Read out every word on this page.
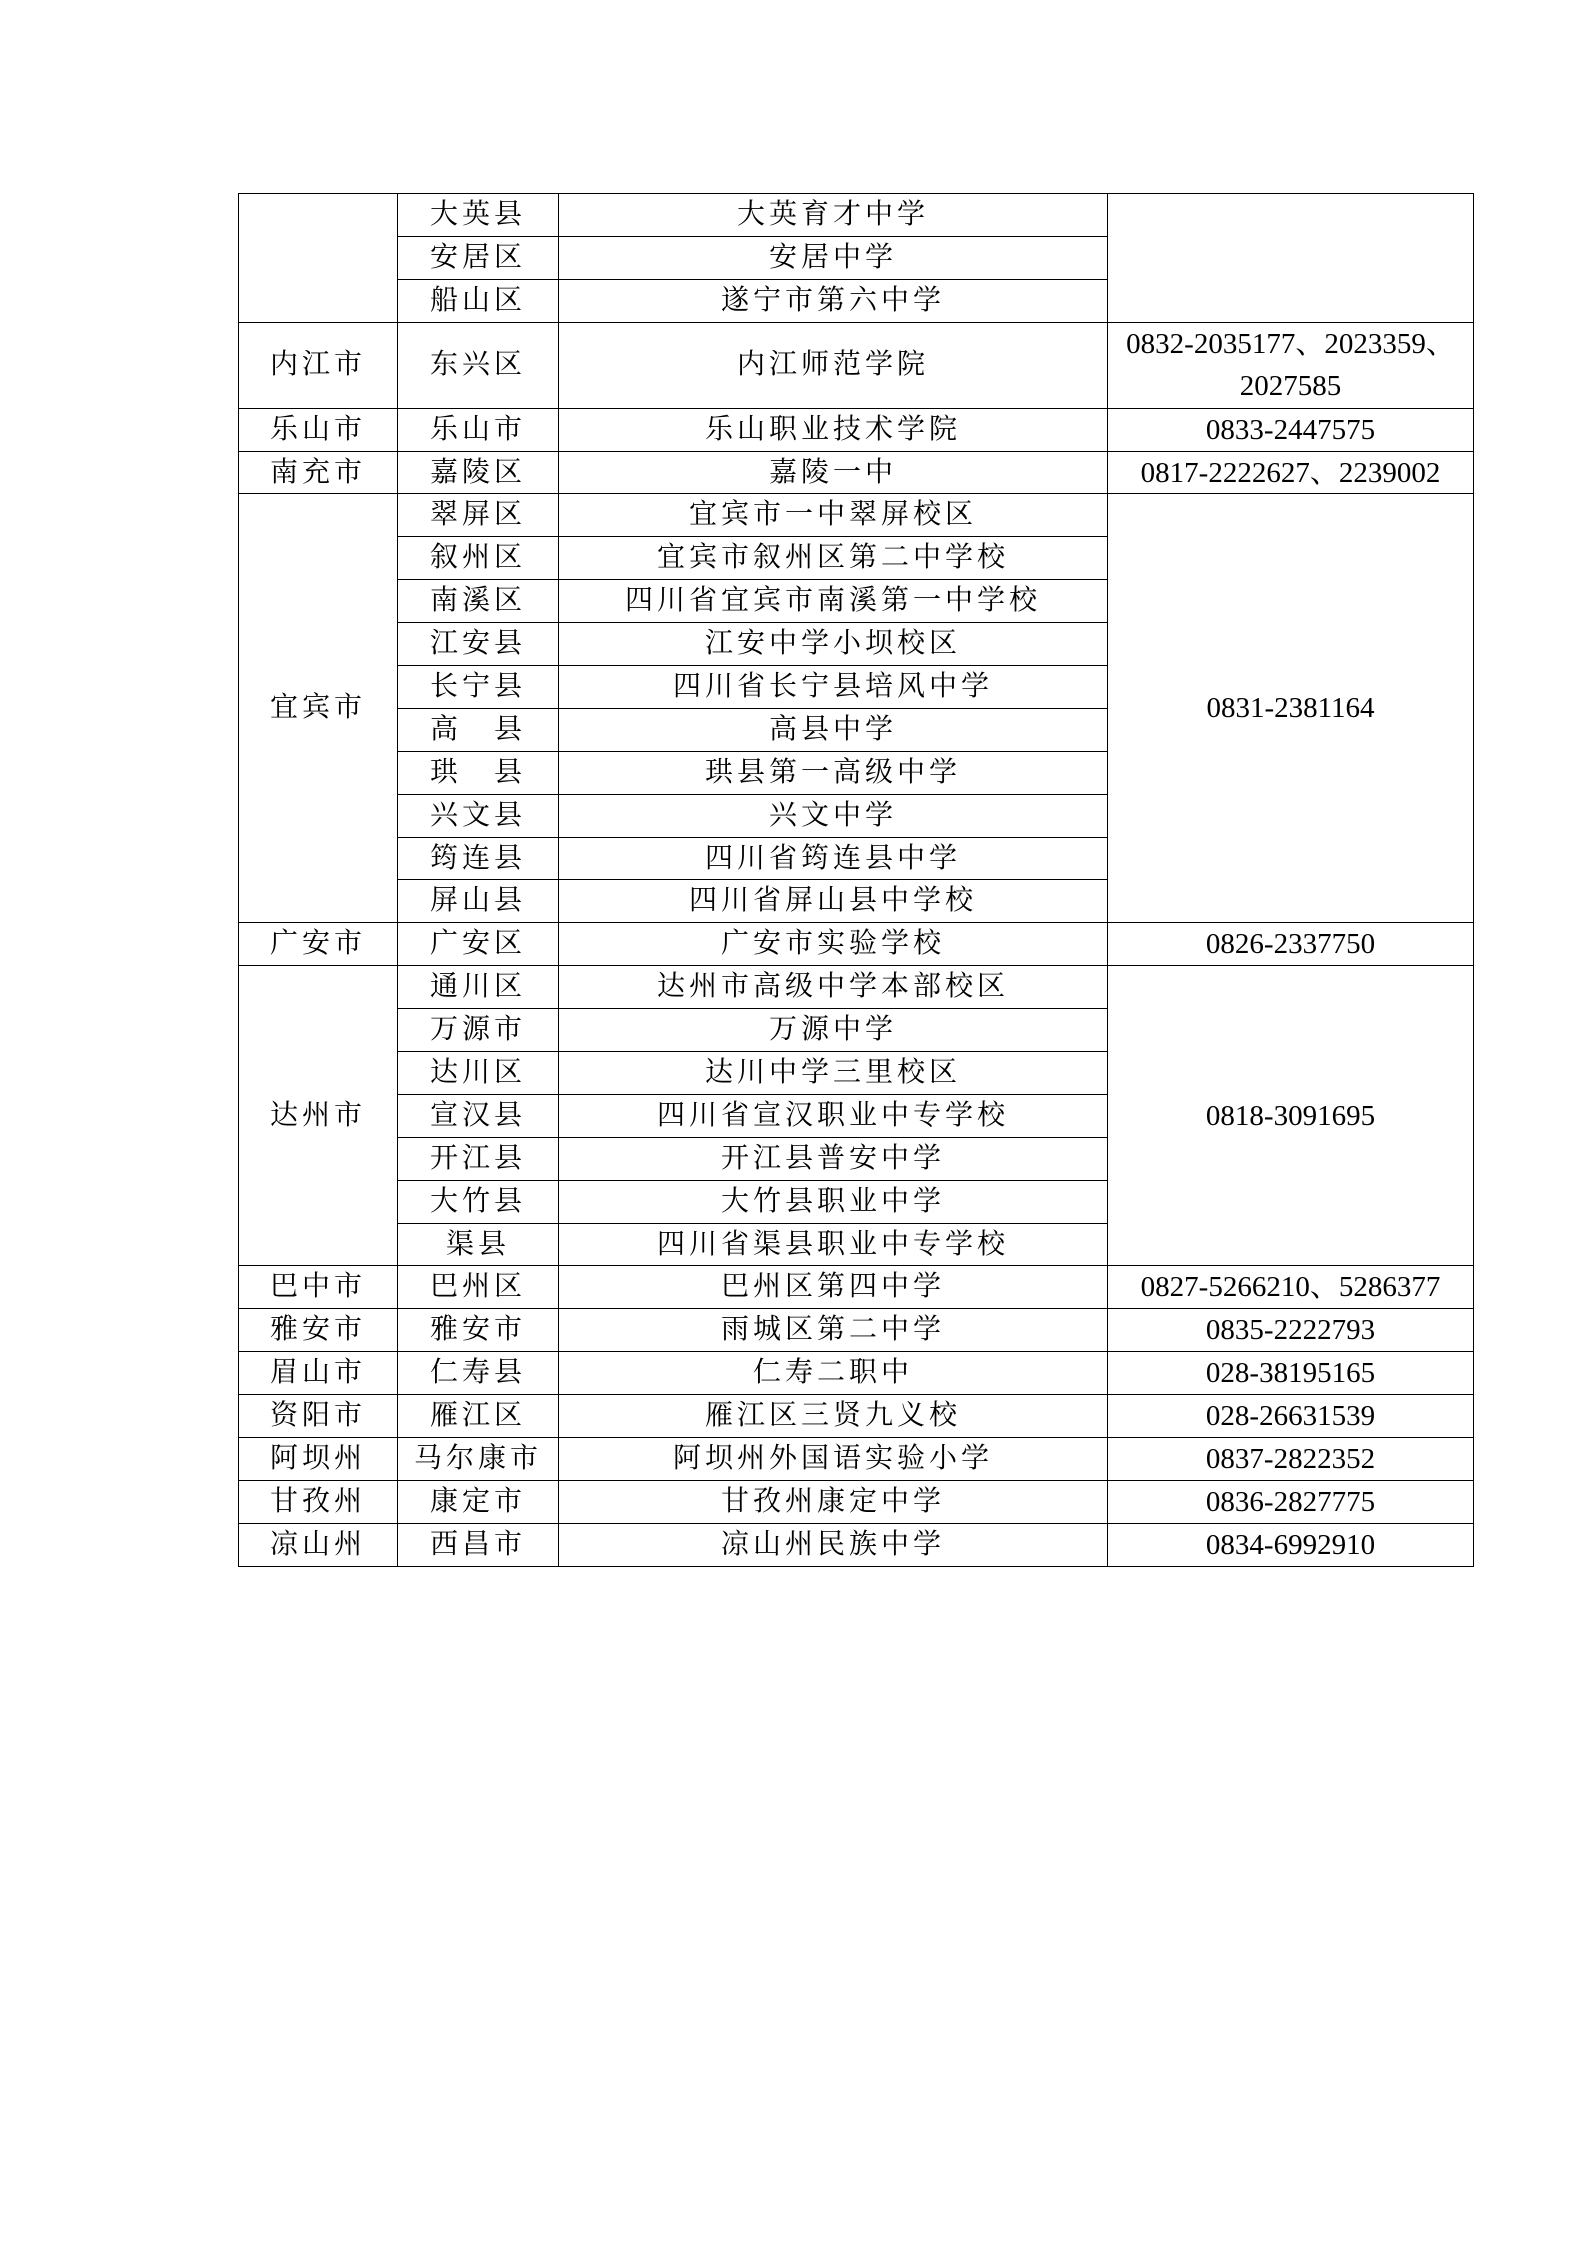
	大英县	大英育才中学	
	安居区	安居中学	
	船山区	遂宁市第六中学	
内江市	东兴区	内江师范学院	0832-2035177、2023359、2027585
乐山市	乐山市	乐山职业技术学院	0833-2447575
南充市	嘉陵区	嘉陵一中	0817-2222627、2239002
宜宾市	翠屏区	宜宾市一中翠屏校区	0831-2381164
	叙州区	宜宾市叙州区第二中学校	
	南溪区	四川省宜宾市南溪第一中学校	
	江安县	江安中学小坝校区	
	长宁县	四川省长宁县培风中学	
	高　县	高县中学	
	珙　县	珙县第一高级中学	
	兴文县	兴文中学	
	筠连县	四川省筠连县中学	
	屏山县	四川省屏山县中学校	
广安市	广安区	广安市实验学校	0826-2337750
达州市	通川区	达州市高级中学本部校区	0818-3091695
	万源市	万源中学	
	达川区	达川中学三里校区	
	宣汉县	四川省宣汉职业中专学校	
	开江县	开江县普安中学	
	大竹县	大竹县职业中学	
	渠县	四川省渠县职业中专学校	
巴中市	巴州区	巴州区第四中学	0827-5266210、5286377
雅安市	雅安市	雨城区第二中学	0835-2222793
眉山市	仁寿县	仁寿二职中	028-38195165
资阳市	雁江区	雁江区三贤九义校	028-26631539
阿坝州	马尔康市	阿坝州外国语实验小学	0837-2822352
甘孜州	康定市	甘孜州康定中学	0836-2827775
凉山州	西昌市	凉山州民族中学	0834-6992910
